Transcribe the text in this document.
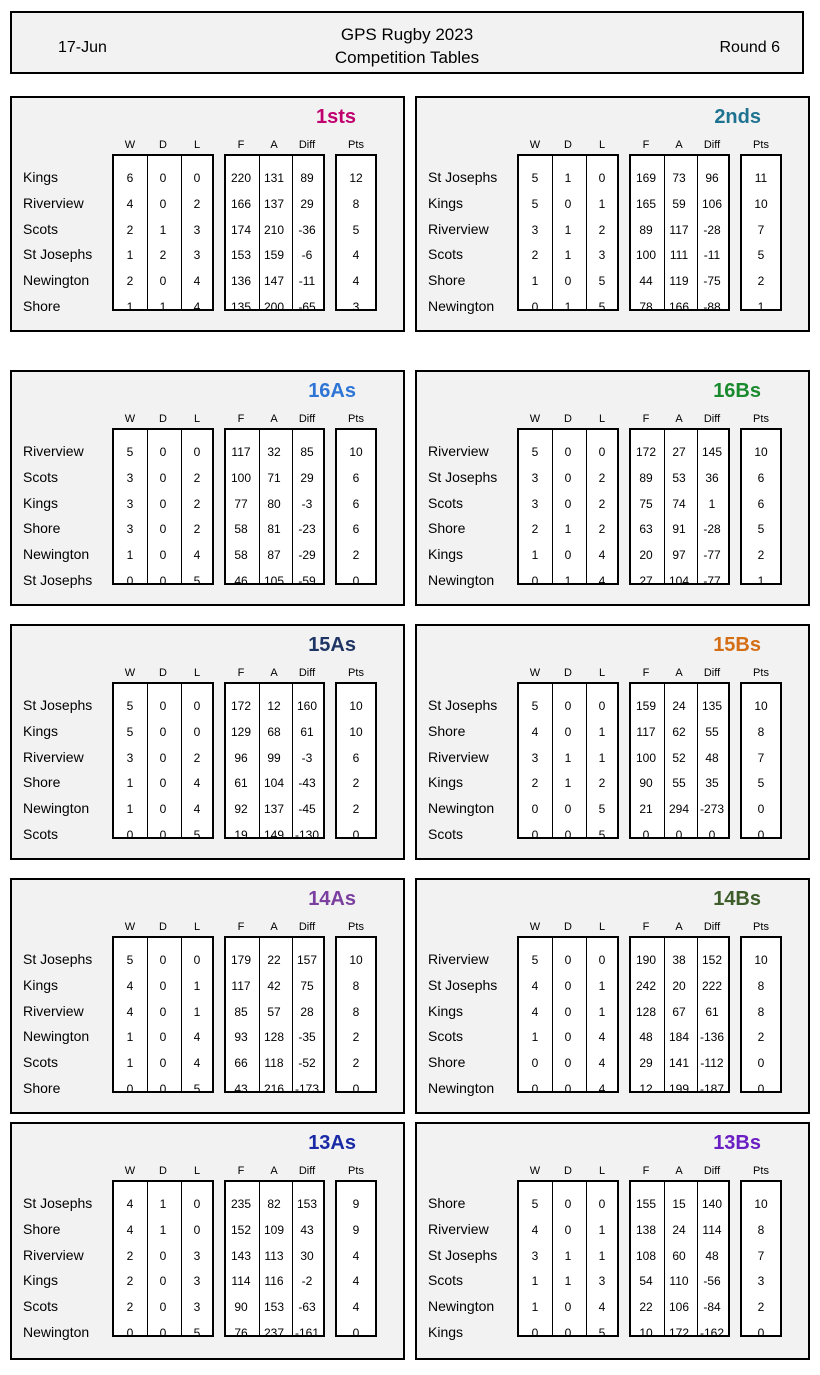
17-Jun
GPS Rugby 2023
Competition Tables
Round 6
1sts
W	D	L	F	A	Diff	Pts
Kings	6	0	0	220	131	89	12
Riverview	4	0	2	166	137	29	8
Scots	2	1	3	174	210	-36	5
St Josephs	1	2	3	153	159	-6	4
Newington	2	0	4	136	147	-11	4
Shore	1	1	4	135	200	-65	3
2nds
W	D	L	F	A	Diff	Pts
St Josephs	5	1	0	169	73	96	11
Kings	5	0	1	165	59	106	10
Riverview	3	1	2	89	117	-28	7
Scots	2	1	3	100	111	-11	5
Shore	1	0	5	44	119	-75	2
Newington	0	1	5	78	166	-88	1
16As
W	D	L	F	A	Diff	Pts
Riverview	5	0	0	117	32	85	10
Scots	3	0	2	100	71	29	6
Kings	3	0	2	77	80	-3	6
Shore	3	0	2	58	81	-23	6
Newington	1	0	4	58	87	-29	2
St Josephs	0	0	5	46	105	-59	0
16Bs
W	D	L	F	A	Diff	Pts
Riverview	5	0	0	172	27	145	10
St Josephs	3	0	2	89	53	36	6
Scots	3	0	2	75	74	1	6
Shore	2	1	2	63	91	-28	5
Kings	1	0	4	20	97	-77	2
Newington	0	1	4	27	104	-77	1
15As
W	D	L	F	A	Diff	Pts
St Josephs	5	0	0	172	12	160	10
Kings	5	0	0	129	68	61	10
Riverview	3	0	2	96	99	-3	6
Shore	1	0	4	61	104	-43	2
Newington	1	0	4	92	137	-45	2
Scots	0	0	5	19	149 -130	0
15Bs
W	D	L	F	A	Diff	Pts
St Josephs	5	0	0	159	24	135	10
Shore	4	0	1	117	62	55	8
Riverview	3	1	1	100	52	48	7
Kings	2	1	2	90	55	35	5
Newington	0	0	5	21	294 -273	0
Scots	0	0	5	0	0	0	0
14As
W	D	L	F	A	Diff	Pts
St Josephs	5	0	0	179	22	157	10
Kings	4	0	1	117	42	75	8
Riverview	4	0	1	85	57	28	8
Newington	1	0	4	93	128	-35	2
Scots	1	0	4	66	118	-52	2
Shore	0	0	5	43	216 -173	0
14Bs
W	D	L	F	A	Diff	Pts
Riverview	5	0	0	190	38	152	10
St Josephs	4	0	1	242	20	222	8
Kings	4	0	1	128	67	61	8
Scots	1	0	4	48	184 -136	2
Shore	0	0	4	29	141 -112	0
Newington	0	0	4	12	199 -187	0
13As
W	D	L	F	A	Diff	Pts
St Josephs	4	1	0	235	82	153	9
Shore	4	1	0	152	109	43	9
Riverview	2	0	3	143	113	30	4
Kings	2	0	3	114	116	-2	4
Scots	2	0	3	90	153	-63	4
Newington	0	0	5	76	237 -161	0
13Bs
W	D	L	F	A	Diff	Pts
Shore	5	0	0	155	15	140	10
Riverview	4	0	1	138	24	114	8
St Josephs	3	1	1	108	60	48	7
Scots	1	1	3	54	110	-56	3
Newington	1	0	4	22	106	-84	2
Kings	0	0	5	10	172 -162	0
